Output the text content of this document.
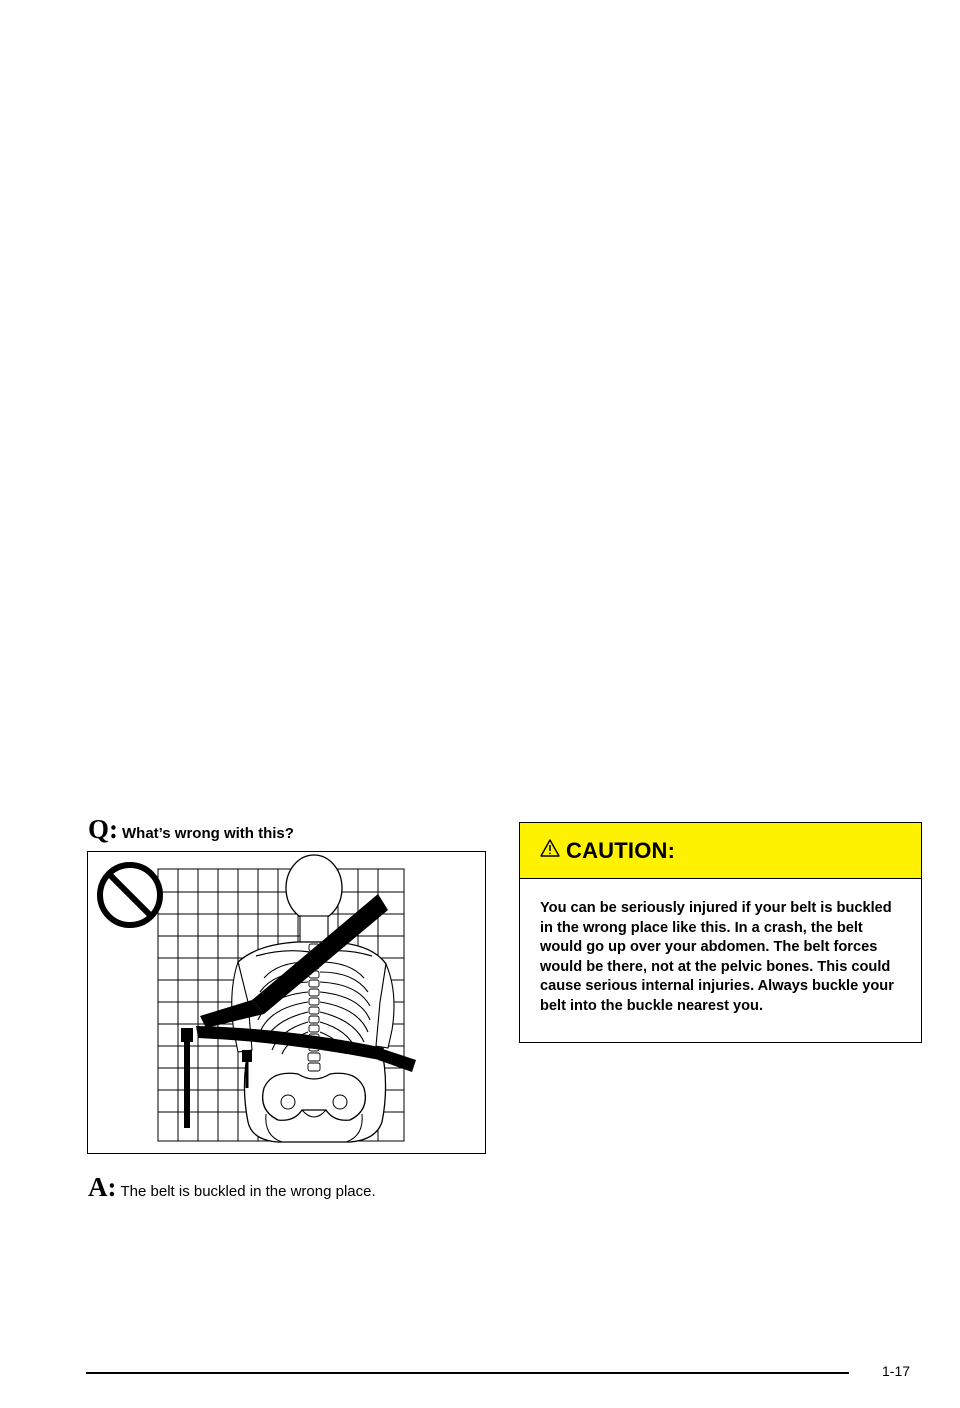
Q: What’s wrong with this?
A: The belt is buckled in the wrong place.
CAUTION:
You can be seriously injured if your belt is buckled in the wrong place like this. In a crash, the belt would go up over your abdomen. The belt forces would be there, not at the pelvic bones. This could cause serious internal injuries. Always buckle your belt into the buckle nearest you.
1-17
